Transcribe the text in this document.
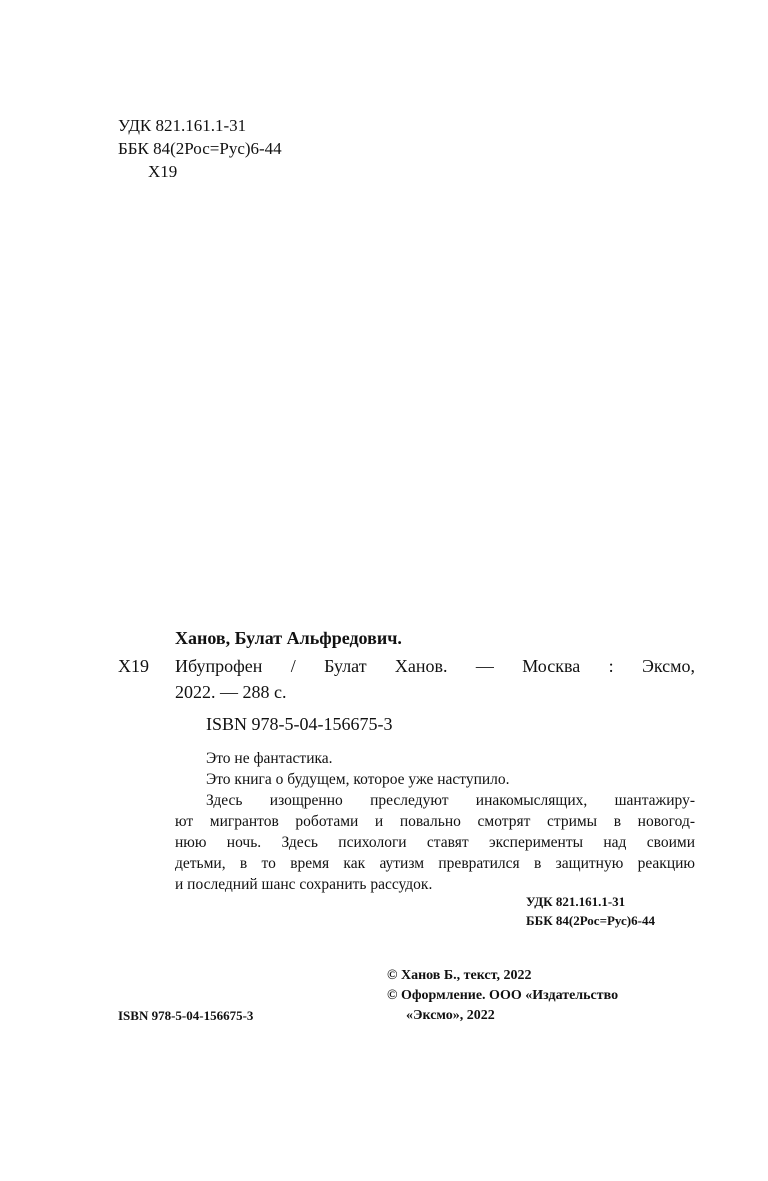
УДК 821.161.1-31
ББК 84(2Рос=Рус)6-44
Х19
Ханов, Булат Альфредович.
Х19 Ибупрофен / Булат Ханов. — Москва : Эксмо,
2022. — 288 с.
ISBN 978-5-04-156675-3
Это не фантастика.
Это книга о будущем, которое уже наступило.
Здесь изощренно преследуют инакомыслящих, шантажиру-
ют мигрантов роботами и повально смотрят стримы в новогод-
нюю ночь. Здесь психологи ставят эксперименты над своими
детьми, в то время как аутизм превратился в защитную реакцию
и последний шанс сохранить рассудок.
УДК 821.161.1-31
ББК 84(2Рос=Рус)6-44
© Ханов Б., текст, 2022
© Оформление. ООО «Издательство
«Эксмо», 2022
ISBN 978-5-04-156675-3
